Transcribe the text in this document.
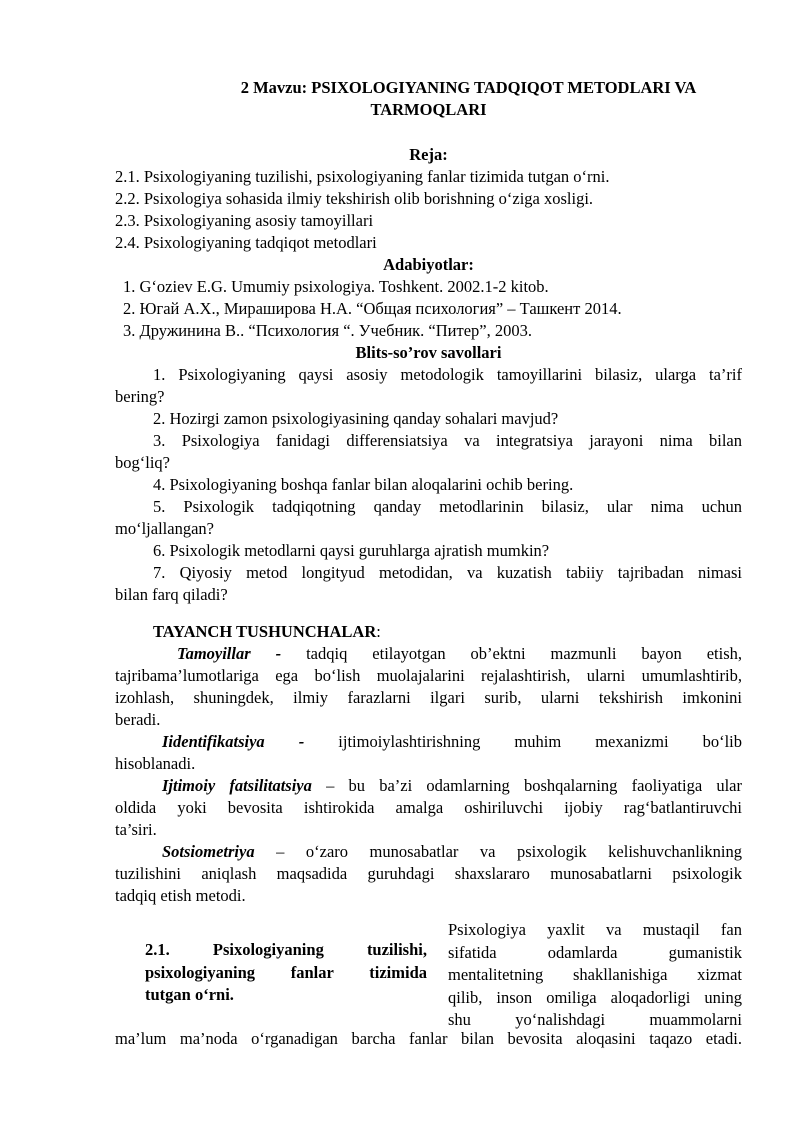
2 Mavzu: PSIXOLOGIYANING TADQIQOT METODLARI VA
TARMOQLARI
Reja:
2.1. Psixologiyaning tuzilishi, psixologiyaning fanlar tizimida tutgan o‘rni.
2.2. Psixologiya sohasida ilmiy tekshirish olib borishning o‘ziga xosligi.
2.3. Psixologiyaning asosiy tamoyillari
2.4. Psixologiyaning tadqiqot metodlari
Adabiyotlar:
1. G‘oziev E.G. Umumiy psixologiya. Toshkent. 2002.1-2 kitob.
2. Югай А.Х., Миpашиpова Н.А. “Общая психология” – Ташкент 2014.
3. Дружинина В.. “Психология “. Учебник. “Питер”, 2003.
Blits-so’rov savollari
1. Psixologiyaning qaysi asosiy metodologik tamoyillarini bilasiz, ularga ta’rif
bering?
2. Hozirgi zamon psixologiyasining qanday sohalari mavjud?
3. Psixologiya fanidagi differensiatsiya va integratsiya jarayoni nima bilan
bog‘liq?
4. Psixologiyaning boshqa fanlar bilan aloqalarini ochib bering.
5. Psixologik tadqiqotning qanday metodlarinin bilasiz, ular nima uchun
mo‘ljallangan?
6. Psixologik metodlarni qaysi guruhlarga ajratish mumkin?
7. Qiyosiy metod longityud metodidan, va kuzatish tabiiy tajribadan nimasi
bilan farq qiladi?
TAYANCH TUSHUNCHALAR:
Tamoyillar - tadqiq etilayotgan ob’ektni mazmunli bayon etish,
tajribama’lumotlariga ega bo‘lish muolajalarini rejalashtirish, ularni umumlashtirib,
izohlash, shuningdek, ilmiy farazlarni ilgari surib, ularni tekshirish imkonini
beradi.
Iidentifikatsiya - ijtimoiylashtirishning muhim mexanizmi bo‘lib
hisoblanadi.
Ijtimoiy fatsilitatsiya – bu ba’zi odamlarning boshqalarning faoliyatiga ular
oldida yoki bevosita ishtirokida amalga oshiriluvchi ijobiy rag‘batlantiruvchi
ta’siri.
Sotsiometriya – o‘zaro munosabatlar va psixologik kelishuvchanlikning
tuzilishini aniqlash maqsadida guruhdagi shaxslararo munosabatlarni psixologik
tadqiq etish metodi.
2.1. Psixologiyaning tuzilishi,
psixologiyaning fanlar tizimida
tutgan o‘rni.
Psixologiya yaxlit va mustaqil fan
sifatida odamlarda gumanistik
mentalitetning shakllanishiga xizmat
qilib, inson omiliga aloqadorligi uning
shu yo‘nalishdagi muammolarni
ma’lum ma’noda o‘rganadigan barcha fanlar bilan bevosita aloqasini taqazo etadi.
